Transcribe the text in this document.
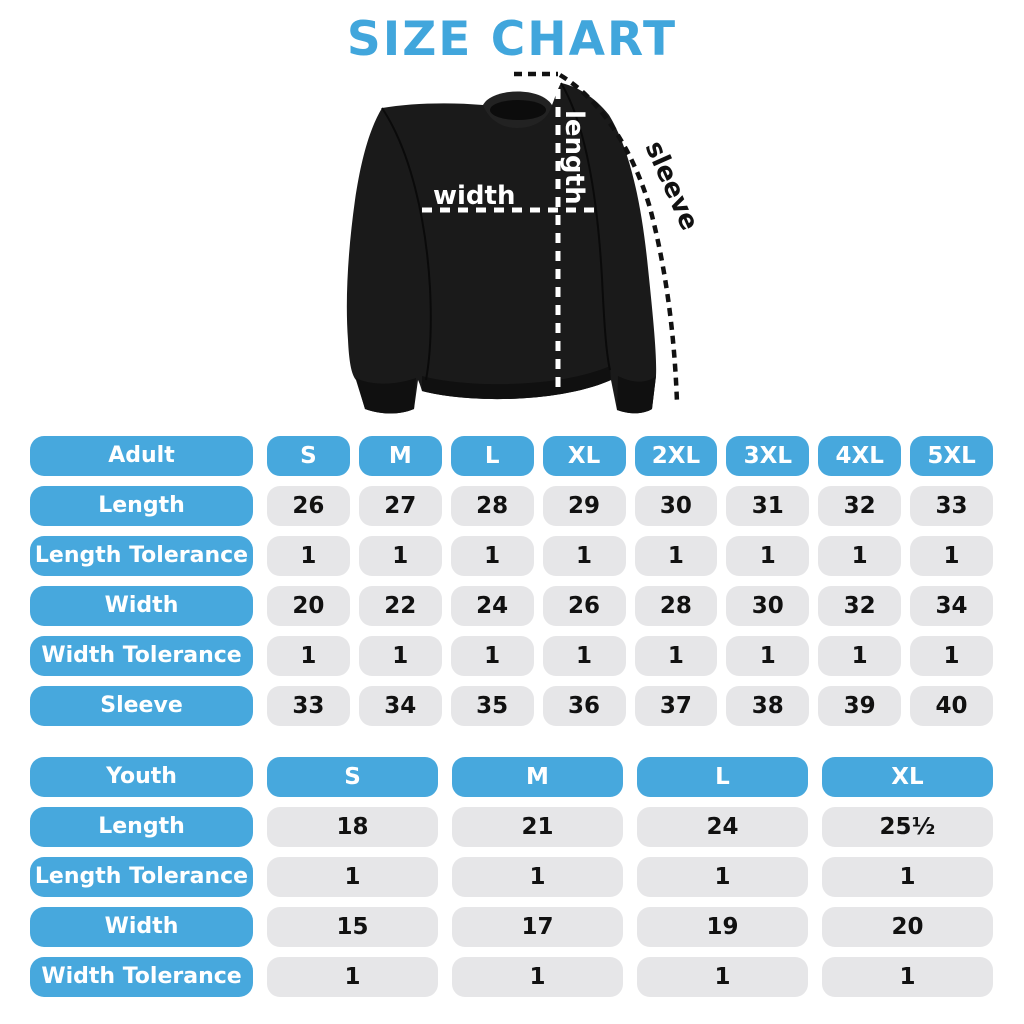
SIZE CHART
width length sleeve
Adult	S	M	L	XL	2XL	3XL	4XL	5XL
Length	26	27	28	29	30	31	32	33
Length Tolerance	1	1	1	1	1	1	1	1
Width	20	22	24	26	28	30	32	34
Width Tolerance	1	1	1	1	1	1	1	1
Sleeve	33	34	35	36	37	38	39	40
Youth	S	M	L	XL
Length	18	21	24	25¹⁄₂
Length Tolerance	1	1	1	1
Width	15	17	19	20
Width Tolerance	1	1	1	1
